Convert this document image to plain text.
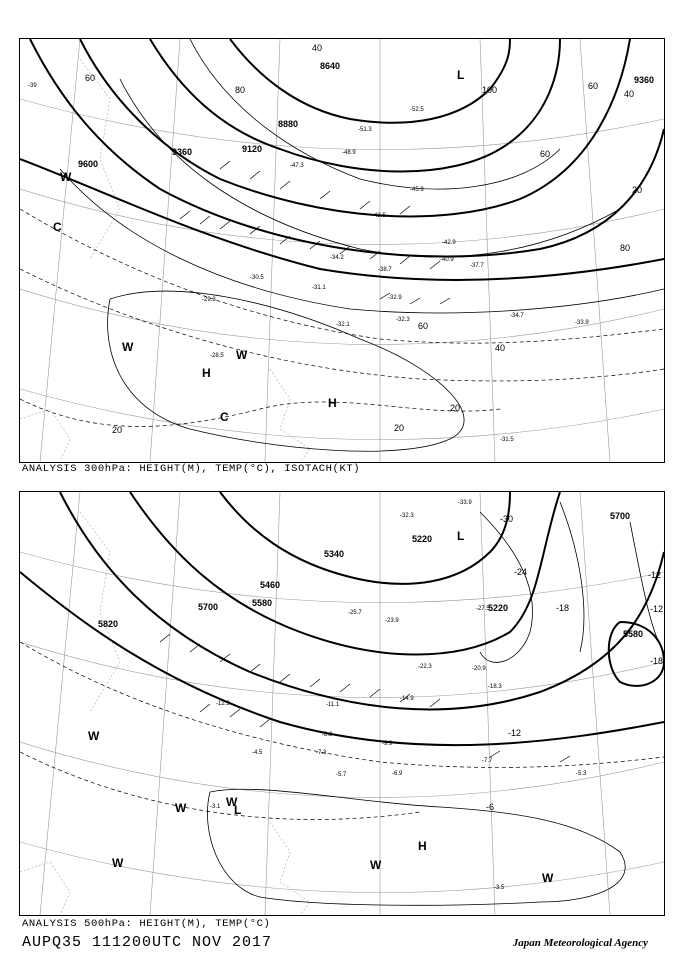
8640
8880
9120
9360
9600
9360
40
60
80	100	60
40
20
60
80
60
40
20
20	20
L
H
H
C
W
W
C
W
-51.3
-52.5
-48.9
-47.3
-45.9
-43.5
-42.9
-40.9
-38.7
-37.7
-34.2
-32.9
-31.1
-30.5
-29.3
-28.5
-34.7
-33.9
-32.1
-32.3
-39
-31.5
ANALYSIS 300hPa: HEIGHT(M), TEMP(°C), ISOTACH(KT)
5220
5340
5460
5580
5700
5820
5220
5580
5700
-12
-18
-24
-30
-12
-18
-12
-6
L
H
L
W
W
W
W
W
W
-33.9
-32.3
-27.5
-25.7
-23.9
-22.3	-20.9
-18.3
-14.9
-12.3	-11.1
-9.9
-8.3
-7.7
-7.3
-6.9
-5.7	-5.3
-4.5
-3.5
-3.1
ANALYSIS 500hPa: HEIGHT(M), TEMP(°C)
AUPQ35 111200UTC NOV 2017	Japan Meteorological Agency
